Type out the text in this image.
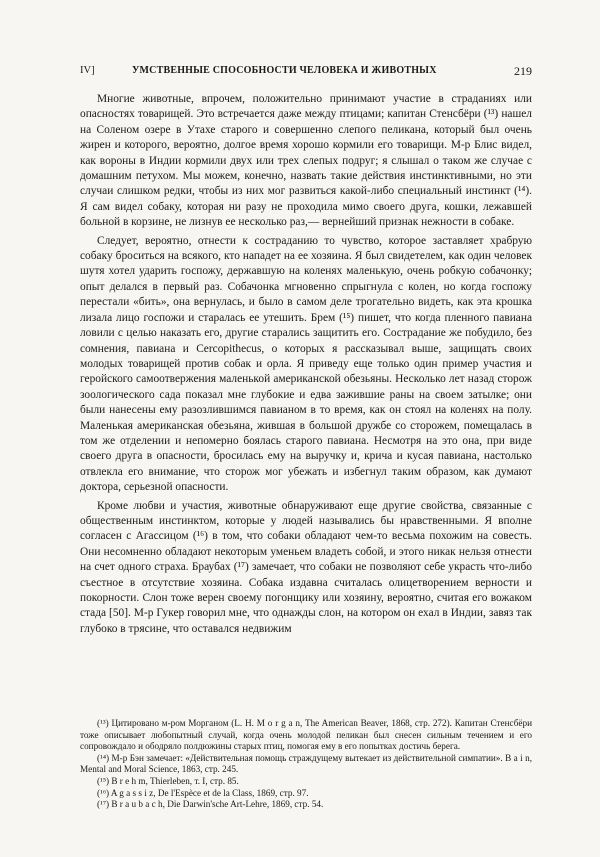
IV]	УМСТВЕННЫЕ СПОСОБНОСТИ ЧЕЛОВЕКА И ЖИВОТНЫХ	219

Многие животные, впрочем, положительно принимают участие в страданиях или опасностях товарищей. Это встречается даже между птицами; капитан Стенсбёри (¹³) нашел на Соленом озере в Утахе старого и совершенно слепого пеликана, который был очень жирен и которого, вероятно, долгое время хорошо кормили его товарищи. М-р Блис видел, как вороны в Индии кормили двух или трех слепых подруг; я слышал о таком же случае с домашним петухом. Мы можем, конечно, назвать такие действия инстинктивными, но эти случаи слишком редки, чтобы из них мог развиться какой-либо специальный инстинкт (¹⁴). Я сам видел собаку, которая ни разу не проходила мимо своего друга, кошки, лежавшей больной в корзине, не лизнув ее несколько раз,— вернейший признак нежности в собаке.

Следует, вероятно, отнести к состраданию то чувство, которое заставляет храбрую собаку броситься на всякого, кто нападет на ее хозяина. Я был свидетелем, как один человек шутя хотел ударить госпожу, державшую на коленях маленькую, очень робкую собачонку; опыт делался в первый раз. Собачонка мгновенно спрыгнула с колен, но когда госпожу перестали «бить», она вернулась, и было в самом деле трогательно видеть, как эта крошка лизала лицо госпожи и старалась ее утешить. Брем (¹⁵) пишет, что когда пленного павиана ловили с целью наказать его, другие старались защитить его. Сострадание же побудило, без сомнения, павиана и Cercopithecus, о которых я рассказывал выше, защищать своих молодых товарищей против собак и орла. Я приведу еще только один пример участия и геройского самоотвержения маленькой американской обезьяны. Несколько лет назад сторож зоологического сада показал мне глубокие и едва зажившие раны на своем затылке; они были нанесены ему разозлившимся павианом в то время, как он стоял на коленях на полу. Маленькая американская обезьяна, жившая в большой дружбе со сторожем, помещалась в том же отделении и непомерно боялась старого павиана. Несмотря на это она, при виде своего друга в опасности, бросилась ему на выручку и, крича и кусая павиана, настолько отвлекла его внимание, что сторож мог убежать и избегнул таким образом, как думают доктора, серьезной опасности.

Кроме любви и участия, животные обнаруживают еще другие свойства, связанные с общественным инстинктом, которые у людей назывались бы нравственными. Я вполне согласен с Агассицом (¹⁶) в том, что собаки обладают чем-то весьма похожим на совесть. Они несомненно обладают некоторым уменьем владеть собой, и этого никак нельзя отнести на счет одного страха. Браубах (¹⁷) замечает, что собаки не позволяют себе украсть что-либо съестное в отсутствие хозяина. Собака издавна считалась олицетворением верности и покорности. Слон тоже верен своему погонщику или хозяину, вероятно, считая его вожаком стада [50]. М-р Гукер говорил мне, что однажды слон, на котором он ехал в Индии, завяз так глубоко в трясине, что оставался недвижим

(¹³) Цитировано м-ром Морганом (L. H. M o r g a n, The American Beaver, 1868, стр. 272). Капитан Стенсбёри тоже описывает любопытный случай, когда очень молодой пеликан был снесен сильным течением и его сопровождало и ободряло полдюжины старых птиц, помогая ему в его попытках достичь берега.

(¹⁴) М-р Бэн замечает: «Действительная помощь страждущему вытекает из действительной симпатии». B a i n, Mental and Moral Science, 1863, стр. 245.

(¹⁵) B r e h m, Thierleben, т. I, стр. 85.

(¹⁶) A g a s s i z, De l'Espèce et de la Class, 1869, стр. 97.

(¹⁷) B r a u b a c h, Die Darwin'sche Art-Lehre, 1869, стр. 54.
